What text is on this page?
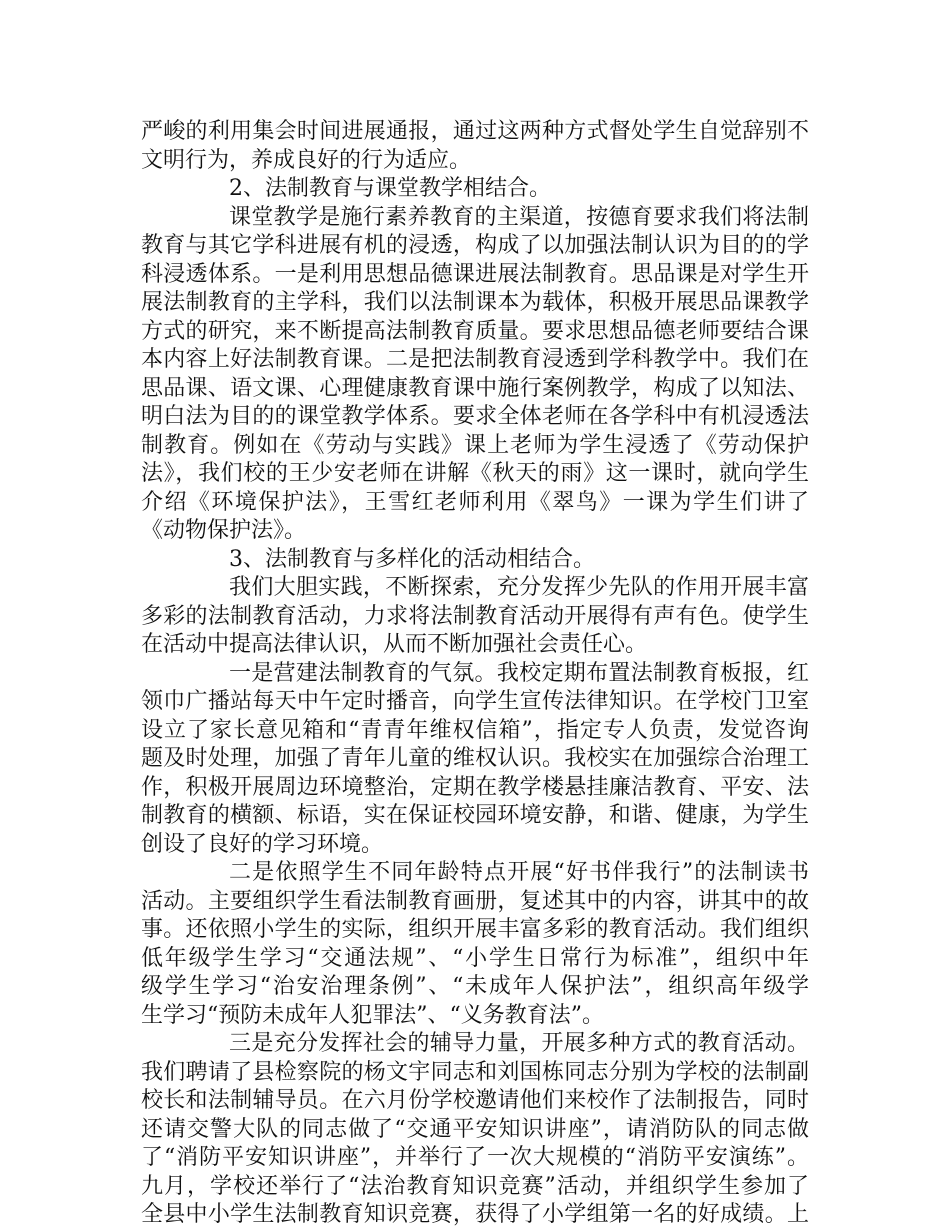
严峻的利用集会时间进展通报，通过这两种方式督处学生自觉辞别不
文明行为，养成良好的行为适应。
2、法制教育与课堂教学相结合。
课堂教学是施行素养教育的主渠道，按德育要求我们将法制
教育与其它学科进展有机的浸透，构成了以加强法制认识为目的的学
科浸透体系。一是利用思想品德课进展法制教育。思品课是对学生开
展法制教育的主学科，我们以法制课本为载体，积极开展思品课教学
方式的研究，来不断提高法制教育质量。要求思想品德老师要结合课
本内容上好法制教育课。二是把法制教育浸透到学科教学中。我们在
思品课、语文课、心理健康教育课中施行案例教学，构成了以知法、
明白法为目的的课堂教学体系。要求全体老师在各学科中有机浸透法
制教育。例如在《劳动与实践》课上老师为学生浸透了《劳动保护
法》，我们校的王少安老师在讲解《秋天的雨》这一课时，就向学生
介绍《环境保护法》，王雪红老师利用《翠鸟》一课为学生们讲了
《动物保护法》。
3、法制教育与多样化的活动相结合。
我们大胆实践，不断探索，充分发挥少先队的作用开展丰富
多彩的法制教育活动，力求将法制教育活动开展得有声有色。使学生
在活动中提高法律认识，从而不断加强社会责任心。
一是营建法制教育的气氛。我校定期布置法制教育板报，红
领巾广播站每天中午定时播音，向学生宣传法律知识。在学校门卫室
设立了家长意见箱和“青青年维权信箱”，指定专人负责，发觉咨询
题及时处理，加强了青年儿童的维权认识。我校实在加强综合治理工
作，积极开展周边环境整治，定期在教学楼悬挂廉洁教育、平安、法
制教育的横额、标语，实在保证校园环境安静，和谐、健康，为学生
创设了良好的学习环境。
二是依照学生不同年龄特点开展“好书伴我行”的法制读书
活动。主要组织学生看法制教育画册，复述其中的内容，讲其中的故
事。还依照小学生的实际，组织开展丰富多彩的教育活动。我们组织
低年级学生学习“交通法规”、“小学生日常行为标准”，组织中年
级学生学习“治安治理条例”、“未成年人保护法”，组织高年级学
生学习“预防未成年人犯罪法”、“义务教育法”。
三是充分发挥社会的辅导力量，开展多种方式的教育活动。
我们聘请了县检察院的杨文宇同志和刘国栋同志分别为学校的法制副
校长和法制辅导员。在六月份学校邀请他们来校作了法制报告，同时
还请交警大队的同志做了“交通平安知识讲座”，请消防队的同志做
了“消防平安知识讲座”，并举行了一次大规模的“消防平安演练”。
九月，学校还举行了“法治教育知识竞赛”活动，并组织学生参加了
全县中小学生法制教育知识竞赛，获得了小学组第一名的好成绩。上
